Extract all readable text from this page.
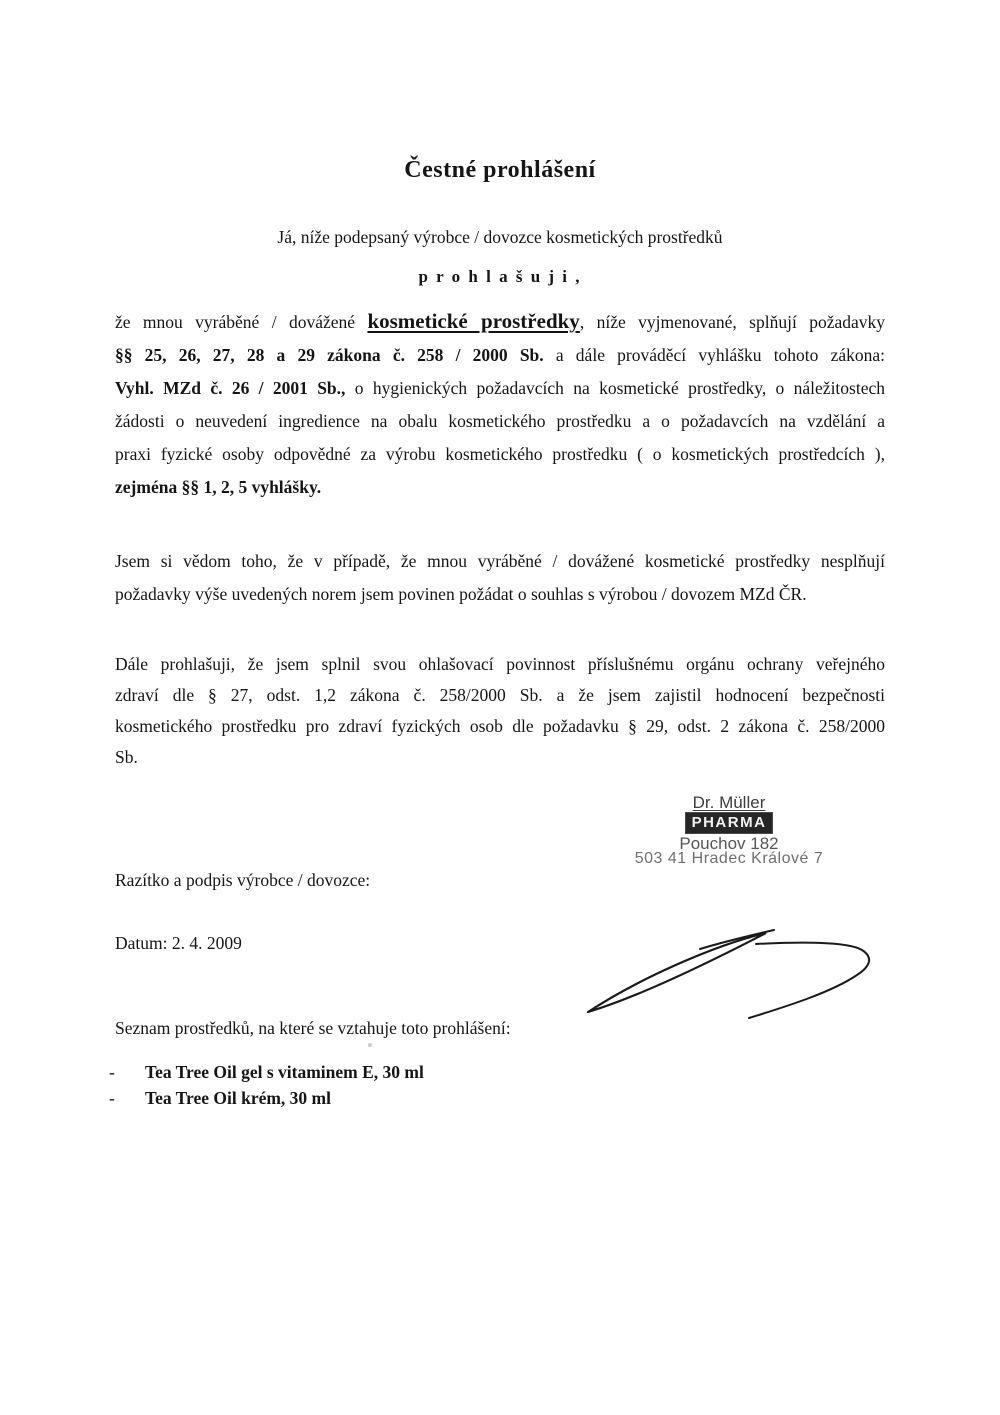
Čestné prohlášení
Já, níže podepsaný výrobce / dovozce kosmetických prostředků
p r o h l a š u j i ,
že mnou vyráběné / dovážené kosmetické prostředky, níže vyjmenované, splňují požadavky
§§ 25, 26, 27, 28 a 29 zákona č. 258 / 2000 Sb. a dále prováděcí vyhlášku tohoto zákona:
Vyhl. MZd č. 26 / 2001 Sb., o hygienických požadavcích na kosmetické prostředky, o náležitostech
žádosti o neuvedení ingredience na obalu kosmetického prostředku a o požadavcích na vzdělání a
praxi fyzické osoby odpovědné za výrobu kosmetického prostředku ( o kosmetických prostředcích ),
zejména §§ 1, 2, 5 vyhlášky.
Jsem si vědom toho, že v případě, že mnou vyráběné / dovážené kosmetické prostředky nesplňují
požadavky výše uvedených norem jsem povinen požádat o souhlas s výrobou / dovozem MZd ČR.
Dále prohlašuji, že jsem splnil svou ohlašovací povinnost příslušnému orgánu ochrany veřejného
zdraví dle § 27, odst. 1,2 zákona č. 258/2000 Sb. a že jsem zajistil hodnocení bezpečnosti
kosmetického prostředku pro zdraví fyzických osob dle požadavku § 29, odst. 2 zákona č. 258/2000
Sb.
Dr. Müller
PHARMA
Pouchov 182
503 41 Hradec Králové 7
Razítko a podpis výrobce / dovozce:
Datum: 2. 4. 2009
Seznam prostředků, na které se vztahuje toto prohlášení:
-	Tea Tree Oil gel s vitaminem E, 30 ml
-	Tea Tree Oil krém, 30 ml
